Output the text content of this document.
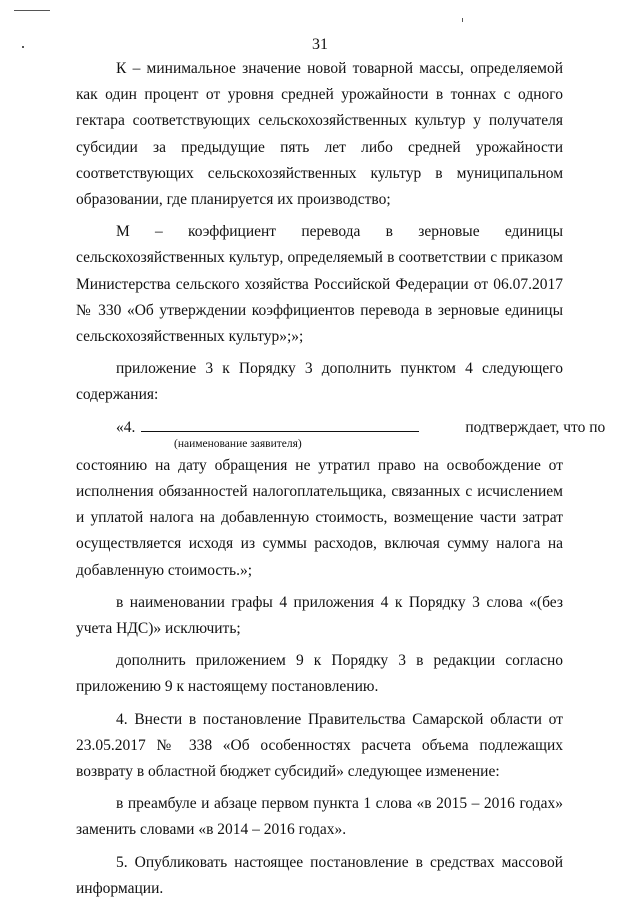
31

К – минимальное значение новой товарной массы, определяемой как один процент от уровня средней урожайности в тоннах с одного гектара соответствующих сельскохозяйственных культур у получателя субсидии за предыдущие пять лет либо средней урожайности соответствующих сельскохозяйственных культур в муниципальном образовании, где планируется их производство;

М – коэффициент перевода в зерновые единицы сельскохозяйственных культур, определяемый в соответствии с приказом Министерства сельского хозяйства Российской Федерации от 06.07.2017 № 330 «Об утверждении коэффициентов перевода в зерновые единицы сельскохозяйственных культур»;»;

приложение 3 к Порядку 3 дополнить пунктом 4 следующего содержания:

«4.	подтверждает, что по
(наименование заявителя)

состоянию на дату обращения не утратил право на освобождение от исполнения обязанностей налогоплательщика, связанных с исчислением и уплатой налога на добавленную стоимость, возмещение части затрат осуществляется исходя из суммы расходов, включая сумму налога на добавленную стоимость.»;

в наименовании графы 4 приложения 4 к Порядку 3 слова «(без учета НДС)» исключить;

дополнить приложением 9 к Порядку 3 в редакции согласно приложению 9 к настоящему постановлению.

4. Внести в постановление Правительства Самарской области от 23.05.2017 № 338 «Об особенностях расчета объема подлежащих возврату в областной бюджет субсидий» следующее изменение:

в преамбуле и абзаце первом пункта 1 слова «в 2015 – 2016 годах» заменить словами «в 2014 – 2016 годах».

5. Опубликовать настоящее постановление в средствах массовой информации.
